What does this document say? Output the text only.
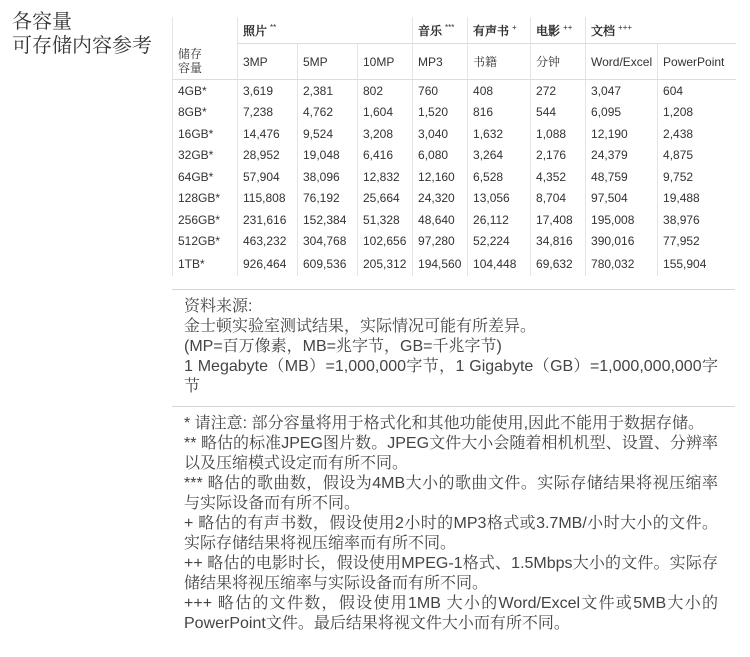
各容量
可存储内容参考
	照片 **			音乐 ***	有声书 +	电影 ++	文档 +++

储存
容量	3MP	5MP	10MP	MP3	书籍	分钟	Word/Excel	PowerPoint
4GB*	3,619	2,381	802	760	408	272	3,047	604
8GB*	7,238	4,762	1,604	1,520	816	544	6,095	1,208
16GB*	14,476	9,524	3,208	3,040	1,632	1,088	12,190	2,438
32GB*	28,952	19,048	6,416	6,080	3,264	2,176	24,379	4,875
64GB*	57,904	38,096	12,832	12,160	6,528	4,352	48,759	9,752
128GB*	115,808	76,192	25,664	24,320	13,056	8,704	97,504	19,488
256GB*	231,616	152,384	51,328	48,640	26,112	17,408	195,008	38,976
512GB*	463,232	304,768	102,656	97,280	52,224	34,816	390,016	77,952
1TB*	926,464	609,536	205,312	194,560	104,448	69,632	780,032	155,904
资料来源:
金士顿实验室测试结果，实际情况可能有所差异。
(MP=百万像素，MB=兆字节，GB=千兆字节)
1 Megabyte（MB）=1,000,000字节，1 Gigabyte（GB）=1,000,000,000字节
* 请注意: 部分容量将用于格式化和其他功能使用,因此不能用于数据存储。
** 略估的标准JPEG图片数。JPEG文件大小会随着相机机型、设置、分辨率以及压缩模式设定而有所不同。
*** 略估的歌曲数，假设为4MB大小的歌曲文件。实际存储结果将视压缩率与实际设备而有所不同。
+ 略估的有声书数，假设使用2小时的MP3格式或3.7MB/小时大小的文件。实际存储结果将视压缩率而有所不同。
++ 略估的电影时长，假设使用MPEG-1格式、1.5Mbps大小的文件。实际存储结果将视压缩率与实际设备而有所不同。
+++ 略估的文件数，假设使用1MB 大小的Word/Excel文件或5MB大小的PowerPoint文件。最后结果将视文件大小而有所不同。
